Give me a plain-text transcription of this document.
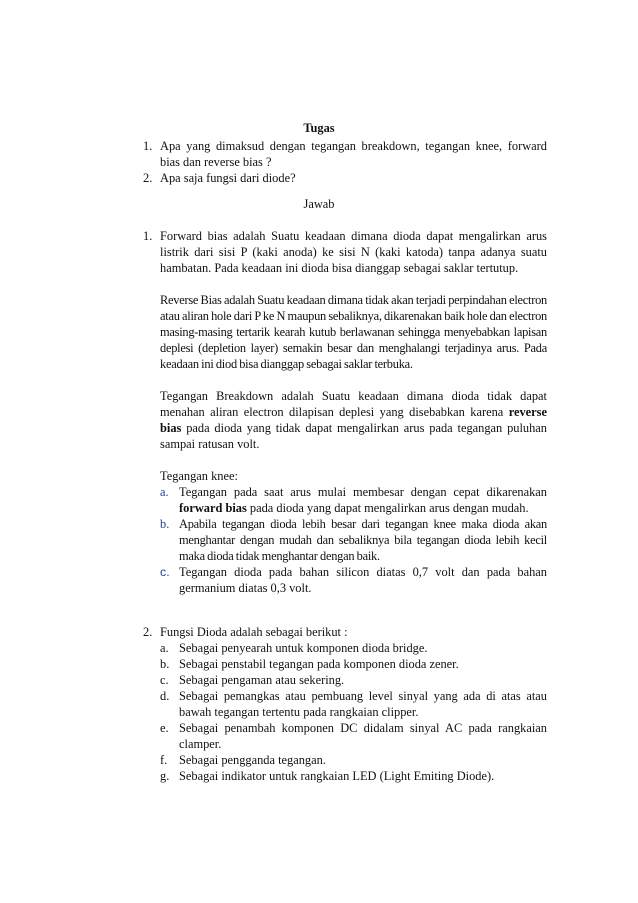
Tugas
1. Apa yang dimaksud dengan tegangan breakdown, tegangan knee, forward bias dan reverse bias ?
2. Apa saja fungsi dari diode?
Jawab
1. Forward bias adalah Suatu keadaan dimana dioda dapat mengalirkan arus listrik dari sisi P (kaki anoda) ke sisi N (kaki katoda) tanpa adanya suatu hambatan. Pada keadaan ini dioda bisa dianggap sebagai saklar tertutup.
Reverse Bias adalah Suatu keadaan dimana tidak akan terjadi perpindahan electron atau aliran hole dari P ke N maupun sebaliknya, dikarenakan baik hole dan electron masing-masing tertarik kearah kutub berlawanan sehingga menyebabkan lapisan deplesi (depletion layer) semakin besar dan menghalangi terjadinya arus. Pada keadaan ini diod bisa dianggap sebagai saklar terbuka.
Tegangan Breakdown adalah Suatu keadaan dimana dioda tidak dapat menahan aliran electron dilapisan deplesi yang disebabkan karena reverse bias pada dioda yang tidak dapat mengalirkan arus pada tegangan puluhan sampai ratusan volt.
Tegangan knee:
a. Tegangan pada saat arus mulai membesar dengan cepat dikarenakan forward bias pada dioda yang dapat mengalirkan arus dengan mudah.
b. Apabila tegangan dioda lebih besar dari tegangan knee maka dioda akan menghantar dengan mudah dan sebaliknya bila tegangan dioda lebih kecil maka dioda tidak menghantar dengan baik.
c. Tegangan dioda pada bahan silicon diatas 0,7 volt dan pada bahan germanium diatas 0,3 volt.
2. Fungsi Dioda adalah sebagai berikut :
a. Sebagai penyearah untuk komponen dioda bridge.
b. Sebagai penstabil tegangan pada komponen dioda zener.
c. Sebagai pengaman atau sekering.
d. Sebagai pemangkas atau pembuang level sinyal yang ada di atas atau bawah tegangan tertentu pada rangkaian clipper.
e. Sebagai penambah komponen DC didalam sinyal AC pada rangkaian clamper.
f. Sebagai pengganda tegangan.
g. Sebagai indikator untuk rangkaian LED (Light Emiting Diode).
